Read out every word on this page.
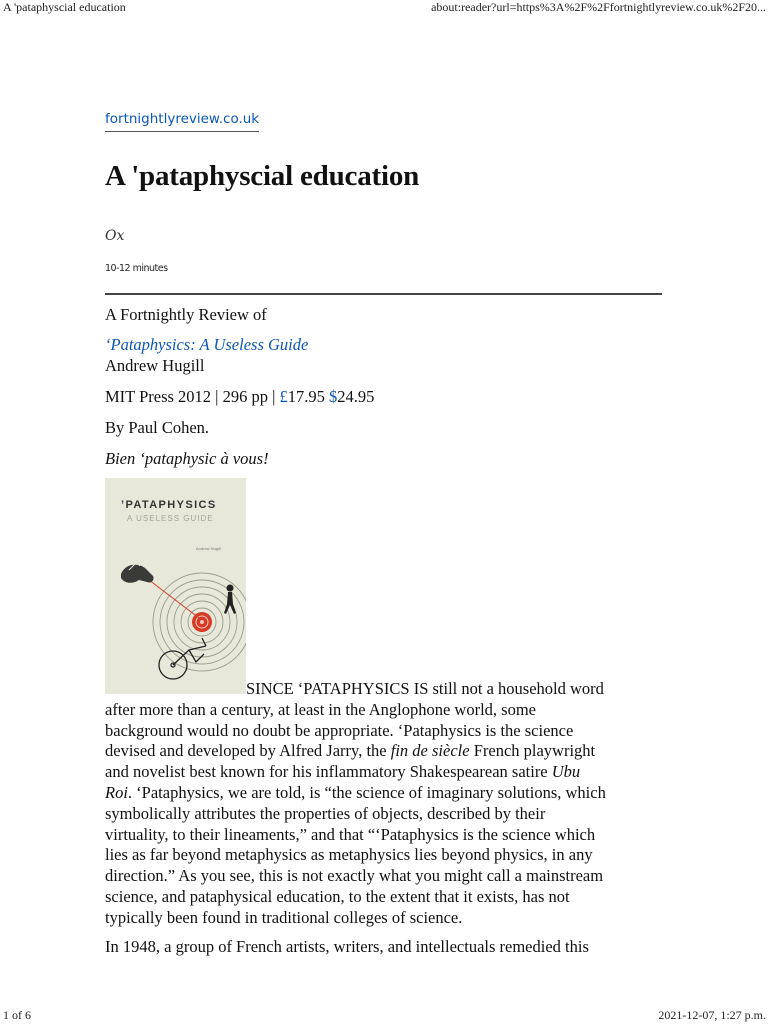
A 'pataphyscial education	about:reader?url=https%3A%2F%2Ffortnightlyreview.co.uk%2F20...
fortnightlyreview.co.uk
A 'pataphyscial education
Ox
10-12 minutes
A Fortnightly Review of
‘Pataphysics: A Useless Guide
Andrew Hugill
MIT Press 2012 | 296 pp | £17.95 $24.95
By Paul Cohen.
Bien ‘pataphysic à vous!
’PATAPHYSICS
A USELESS GUIDE
Andrew Hugill

SINCE ‘PATAPHYSICS IS still not a household word

after more than a century, at least in the Anglophone world, some

background would no doubt be appropriate. ‘Pataphysics is the science

devised and developed by Alfred Jarry, the fin de siècle French playwright

and novelist best known for his inflammatory Shakespearean satire Ubu

Roi. ‘Pataphysics, we are told, is “the science of imaginary solutions, which

symbolically attributes the properties of objects, described by their

virtuality, to their lineaments,” and that “‘Pataphysics is the science which

lies as far beyond metaphysics as metaphysics lies beyond physics, in any

direction.” As you see, this is not exactly what you might call a mainstream

science, and pataphysical education, to the extent that it exists, has not

typically been found in traditional colleges of science.

In 1948, a group of French artists, writers, and intellectuals remedied this
1 of 6	2021-12-07, 1:27 p.m.
